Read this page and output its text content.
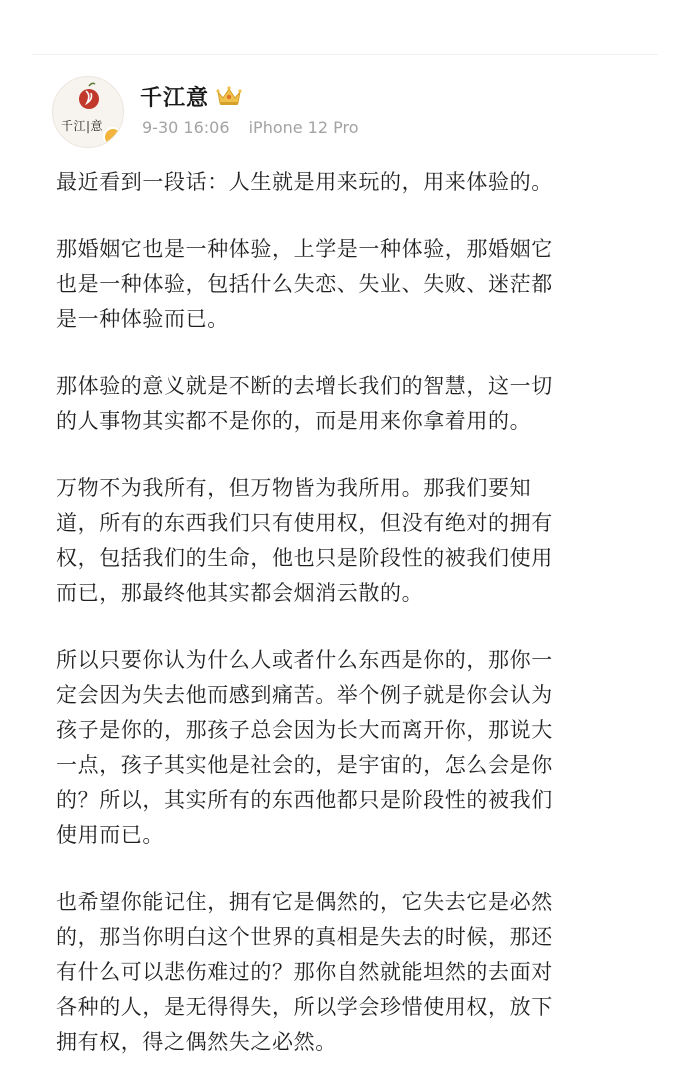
千江|意
千江意
9-30 16:06 iPhone 12 Pro

最近看到一段话：人生就是用来玩的，用来体验的。

那婚姻它也是一种体验，上学是一种体验，那婚姻它
也是一种体验，包括什么失恋、失业、失败、迷茫都
是一种体验而已。

那体验的意义就是不断的去增长我们的智慧，这一切
的人事物其实都不是你的，而是用来你拿着用的。

万物不为我所有，但万物皆为我所用。那我们要知
道，所有的东西我们只有使用权，但没有绝对的拥有
权，包括我们的生命，他也只是阶段性的被我们使用
而已，那最终他其实都会烟消云散的。

所以只要你认为什么人或者什么东西是你的，那你一
定会因为失去他而感到痛苦。举个例子就是你会认为
孩子是你的，那孩子总会因为长大而离开你，那说大
一点，孩子其实他是社会的，是宇宙的，怎么会是你
的？所以，其实所有的东西他都只是阶段性的被我们
使用而已。

也希望你能记住，拥有它是偶然的，它失去它是必然
的，那当你明白这个世界的真相是失去的时候，那还
有什么可以悲伤难过的？那你自然就能坦然的去面对
各种的人，是无得得失，所以学会珍惜使用权，放下
拥有权，得之偶然失之必然。
